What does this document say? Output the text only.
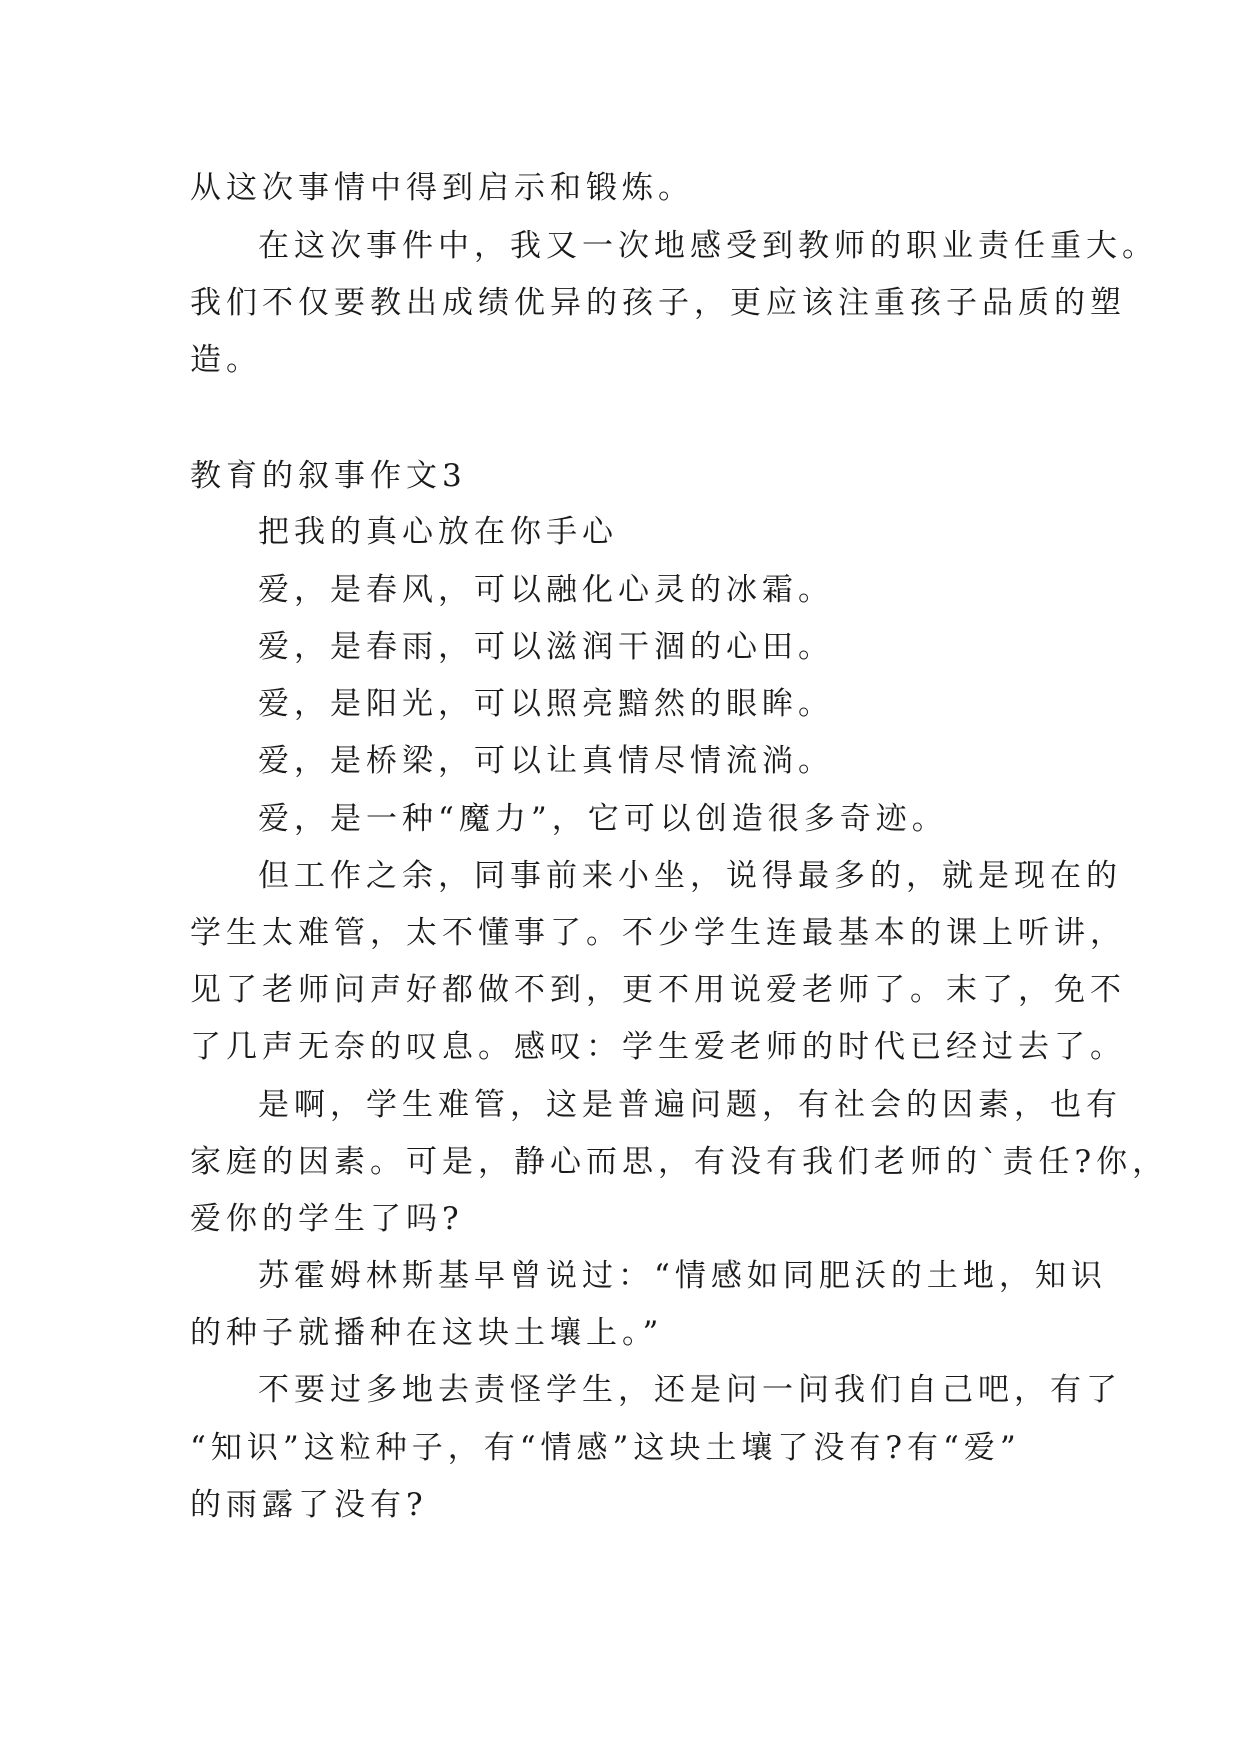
从这次事情中得到启示和锻炼。
在这次事件中，我又一次地感受到教师的职业责任重大。
我们不仅要教出成绩优异的孩子，更应该注重孩子品质的塑
造。
教育的叙事作文3
把我的真心放在你手心
爱，是春风，可以融化心灵的冰霜。
爱，是春雨，可以滋润干涸的心田。
爱，是阳光，可以照亮黯然的眼眸。
爱，是桥梁，可以让真情尽情流淌。
爱，是一种“魔力”，它可以创造很多奇迹。
但工作之余，同事前来小坐，说得最多的，就是现在的
学生太难管，太不懂事了。不少学生连最基本的课上听讲，
见了老师问声好都做不到，更不用说爱老师了。末了，免不
了几声无奈的叹息。感叹：学生爱老师的时代已经过去了。
是啊，学生难管，这是普遍问题，有社会的因素，也有
家庭的因素。可是，静心而思，有没有我们老师的`责任?你，
爱你的学生了吗?
苏霍姆林斯基早曾说过：“情感如同肥沃的土地，知识
的种子就播种在这块土壤上。”
不要过多地去责怪学生，还是问一问我们自己吧，有了
“知识”这粒种子，有“情感”这块土壤了没有?有“爱”
的雨露了没有?
